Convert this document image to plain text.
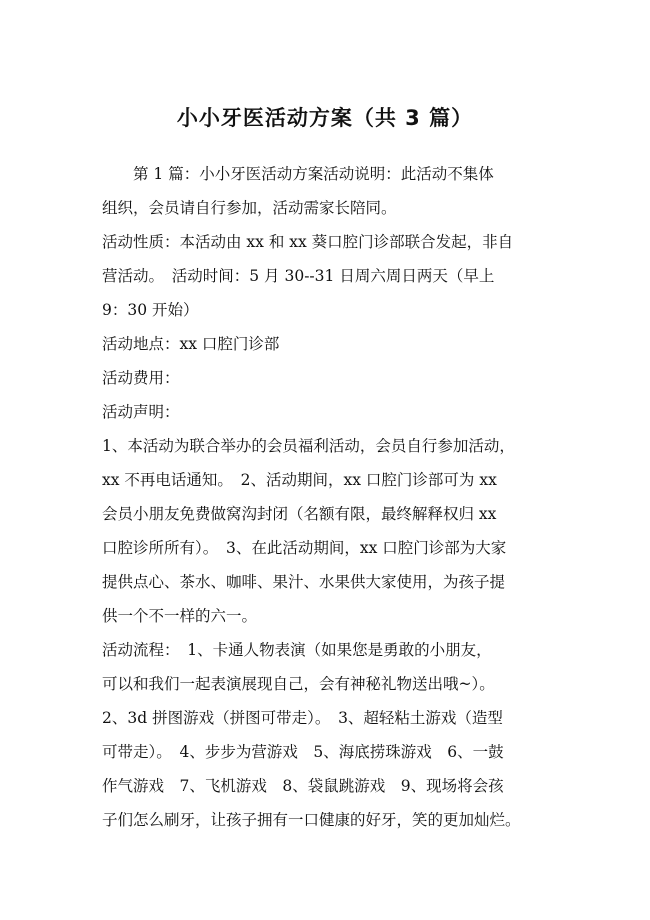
小小牙医活动方案（共 3 篇）
　　第 1 篇：小小牙医活动方案活动说明：此活动不集体
组织，会员请自行参加，活动需家长陪同。
活动性质：本活动由 xx 和 xx 葵口腔门诊部联合发起，非自
营活动。　活动时间：5 月 30--31 日周六周日两天（早上
9：30 开始）
活动地点：xx 口腔门诊部
活动费用：
活动声明：
1、本活动为联合举办的会员福利活动，会员自行参加活动，
xx 不再电话通知。　2、活动期间，xx 口腔门诊部可为 xx
会员小朋友免费做窝沟封闭（名额有限，最终解释权归 xx
口腔诊所所有）。　3、在此活动期间，xx 口腔门诊部为大家
提供点心、茶水、咖啡、果汁、水果供大家使用，为孩子提
供一个不一样的六一。
活动流程：　1、卡通人物表演（如果您是勇敢的小朋友，
可以和我们一起表演展现自己，会有神秘礼物送出哦~）。
2、3d 拼图游戏（拼图可带走）。　3、超轻粘土游戏（造型
可带走）。　4、步步为营游戏　5、海底捞珠游戏　6、一鼓
作气游戏　7、飞机游戏　8、袋鼠跳游戏　9、现场将会孩
子们怎么刷牙，让孩子拥有一口健康的好牙，笑的更加灿烂。
